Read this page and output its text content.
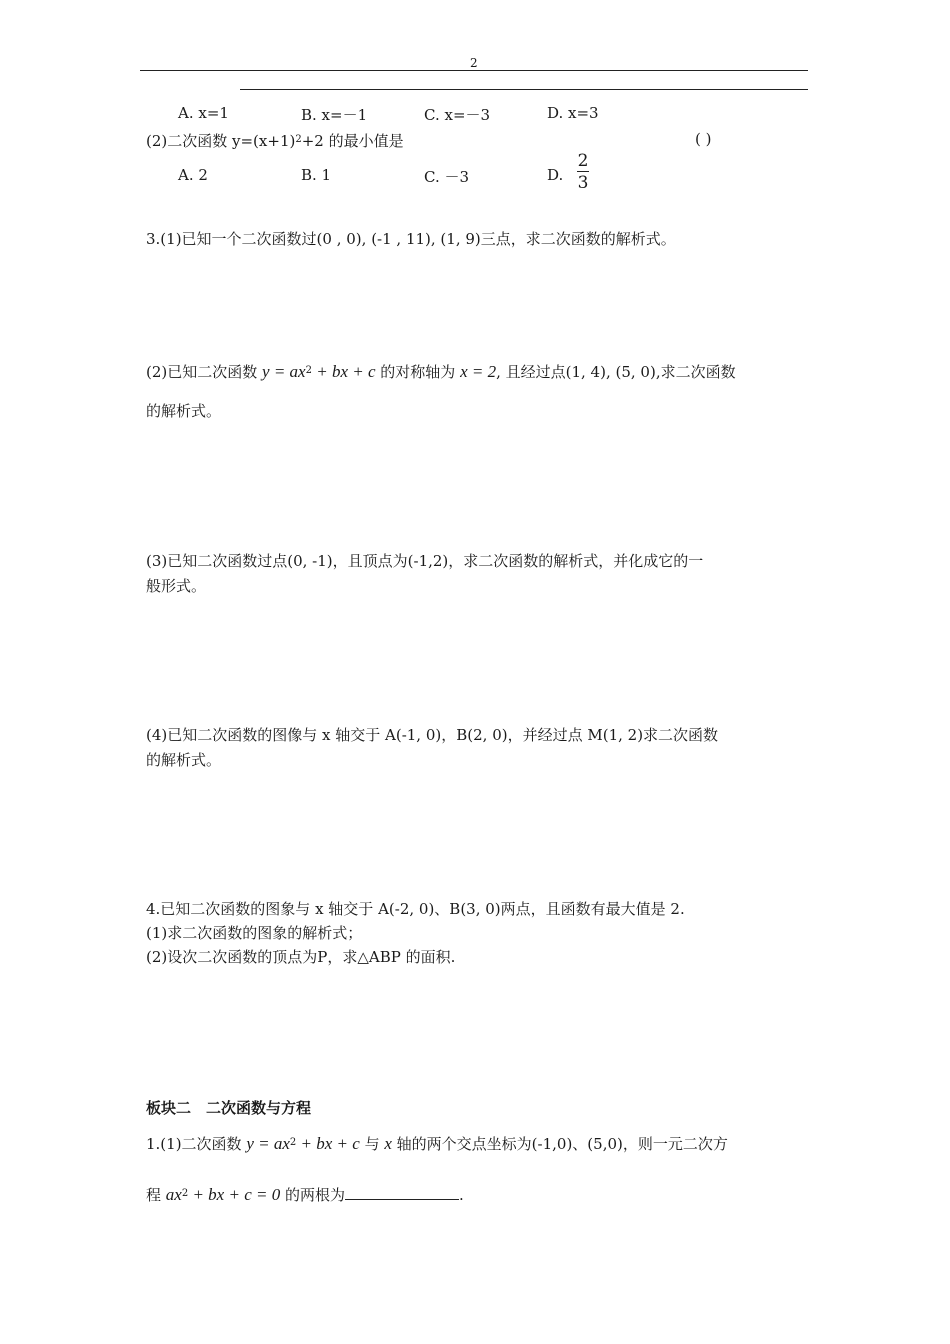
2
A. x=1	B. x=－1	C. x=－3	D. x=3
(2)二次函数 $y=(x+1)^2+2$ 的最小值是	( )
A. 2	B. 1	C. －3	D.
2
3
3.(1)已知一个二次函数过(0 , 0), (-1 , 11), (1, 9)三点，求二次函数的解析式。
(2)已知二次函数 $y = ax^2$ + bx + c 的对称轴为 x = 2, 且经过点(1, 4), (5, 0),求二次函数
的解析式。
(3)已知二次函数过点(0, -1)，且顶点为(-1,2)，求二次函数的解析式，并化成它的一
般形式。
(4)已知二次函数的图像与 x 轴交于 A(-1, 0)，B(2, 0)，并经过点 M(1, 2)求二次函数
的解析式。
4.已知二次函数的图象与 x 轴交于 A(-2, 0)、B(3, 0)两点，且函数有最大值是 2.
(1)求二次函数的图象的解析式；
(2)设次二次函数的顶点为P，求△ABP 的面积.
板块二　二次函数与方程
1.(1)二次函数 $y = ax^2$ + bx + c 与 x 轴的两个交点坐标为(-1,0)、(5,0)，则一元二次方
程 $ax^2$ + bx + c = 0 的两根为	.
